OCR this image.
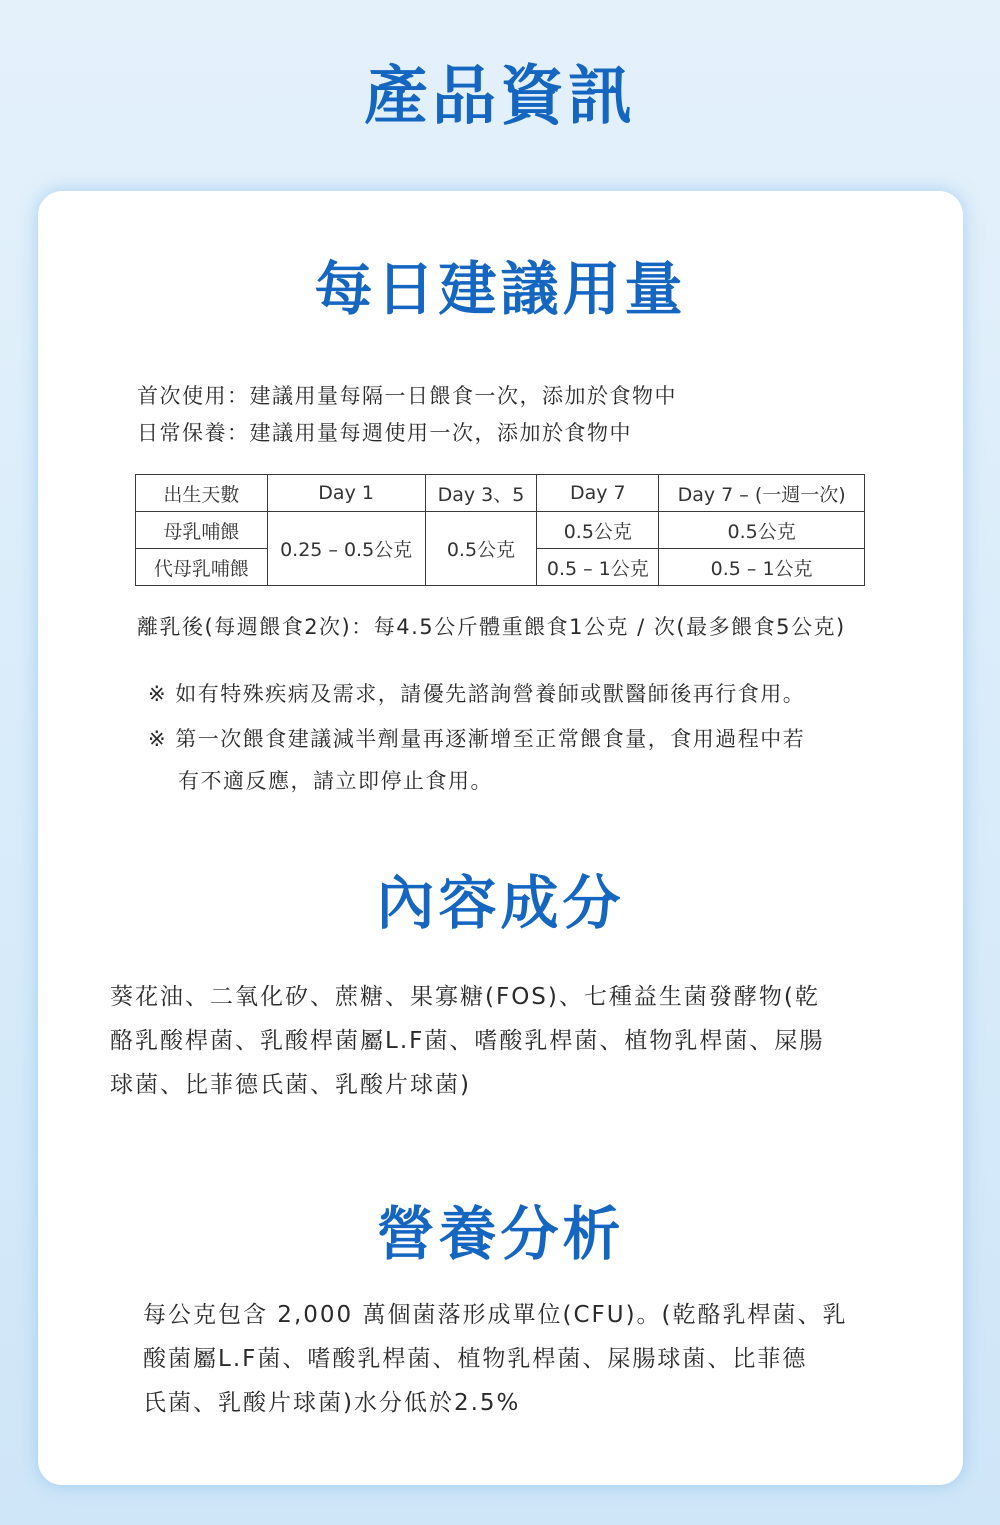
產品資訊
每日建議用量
首次使用：建議用量每隔一日餵食一次，添加於食物中
日常保養：建議用量每週使用一次，添加於食物中
出生天數	Day 1	Day 3、5	Day 7	Day 7 – (一週一次)
母乳哺餵	0.25 – 0.5公克	0.5公克	0.5公克	0.5公克
代母乳哺餵			0.5 – 1公克	0.5 – 1公克
離乳後(每週餵食2次)：每4.5公斤體重餵食1公克 / 次(最多餵食5公克)
※ 如有特殊疾病及需求，請優先諮詢營養師或獸醫師後再行食用。
※ 第一次餵食建議減半劑量再逐漸增至正常餵食量，食用過程中若
有不適反應，請立即停止食用。
內容成分
葵花油、二氧化矽、蔗糖、果寡糖(FOS)、七種益生菌發酵物(乾
酪乳酸桿菌、乳酸桿菌屬L.F菌、嗜酸乳桿菌、植物乳桿菌、屎腸
球菌、比菲德氏菌、乳酸片球菌)
營養分析
每公克包含 2,000 萬個菌落形成單位(CFU)。(乾酪乳桿菌、乳
酸菌屬L.F菌、嗜酸乳桿菌、植物乳桿菌、屎腸球菌、比菲德
氏菌、乳酸片球菌)水分低於2.5%
